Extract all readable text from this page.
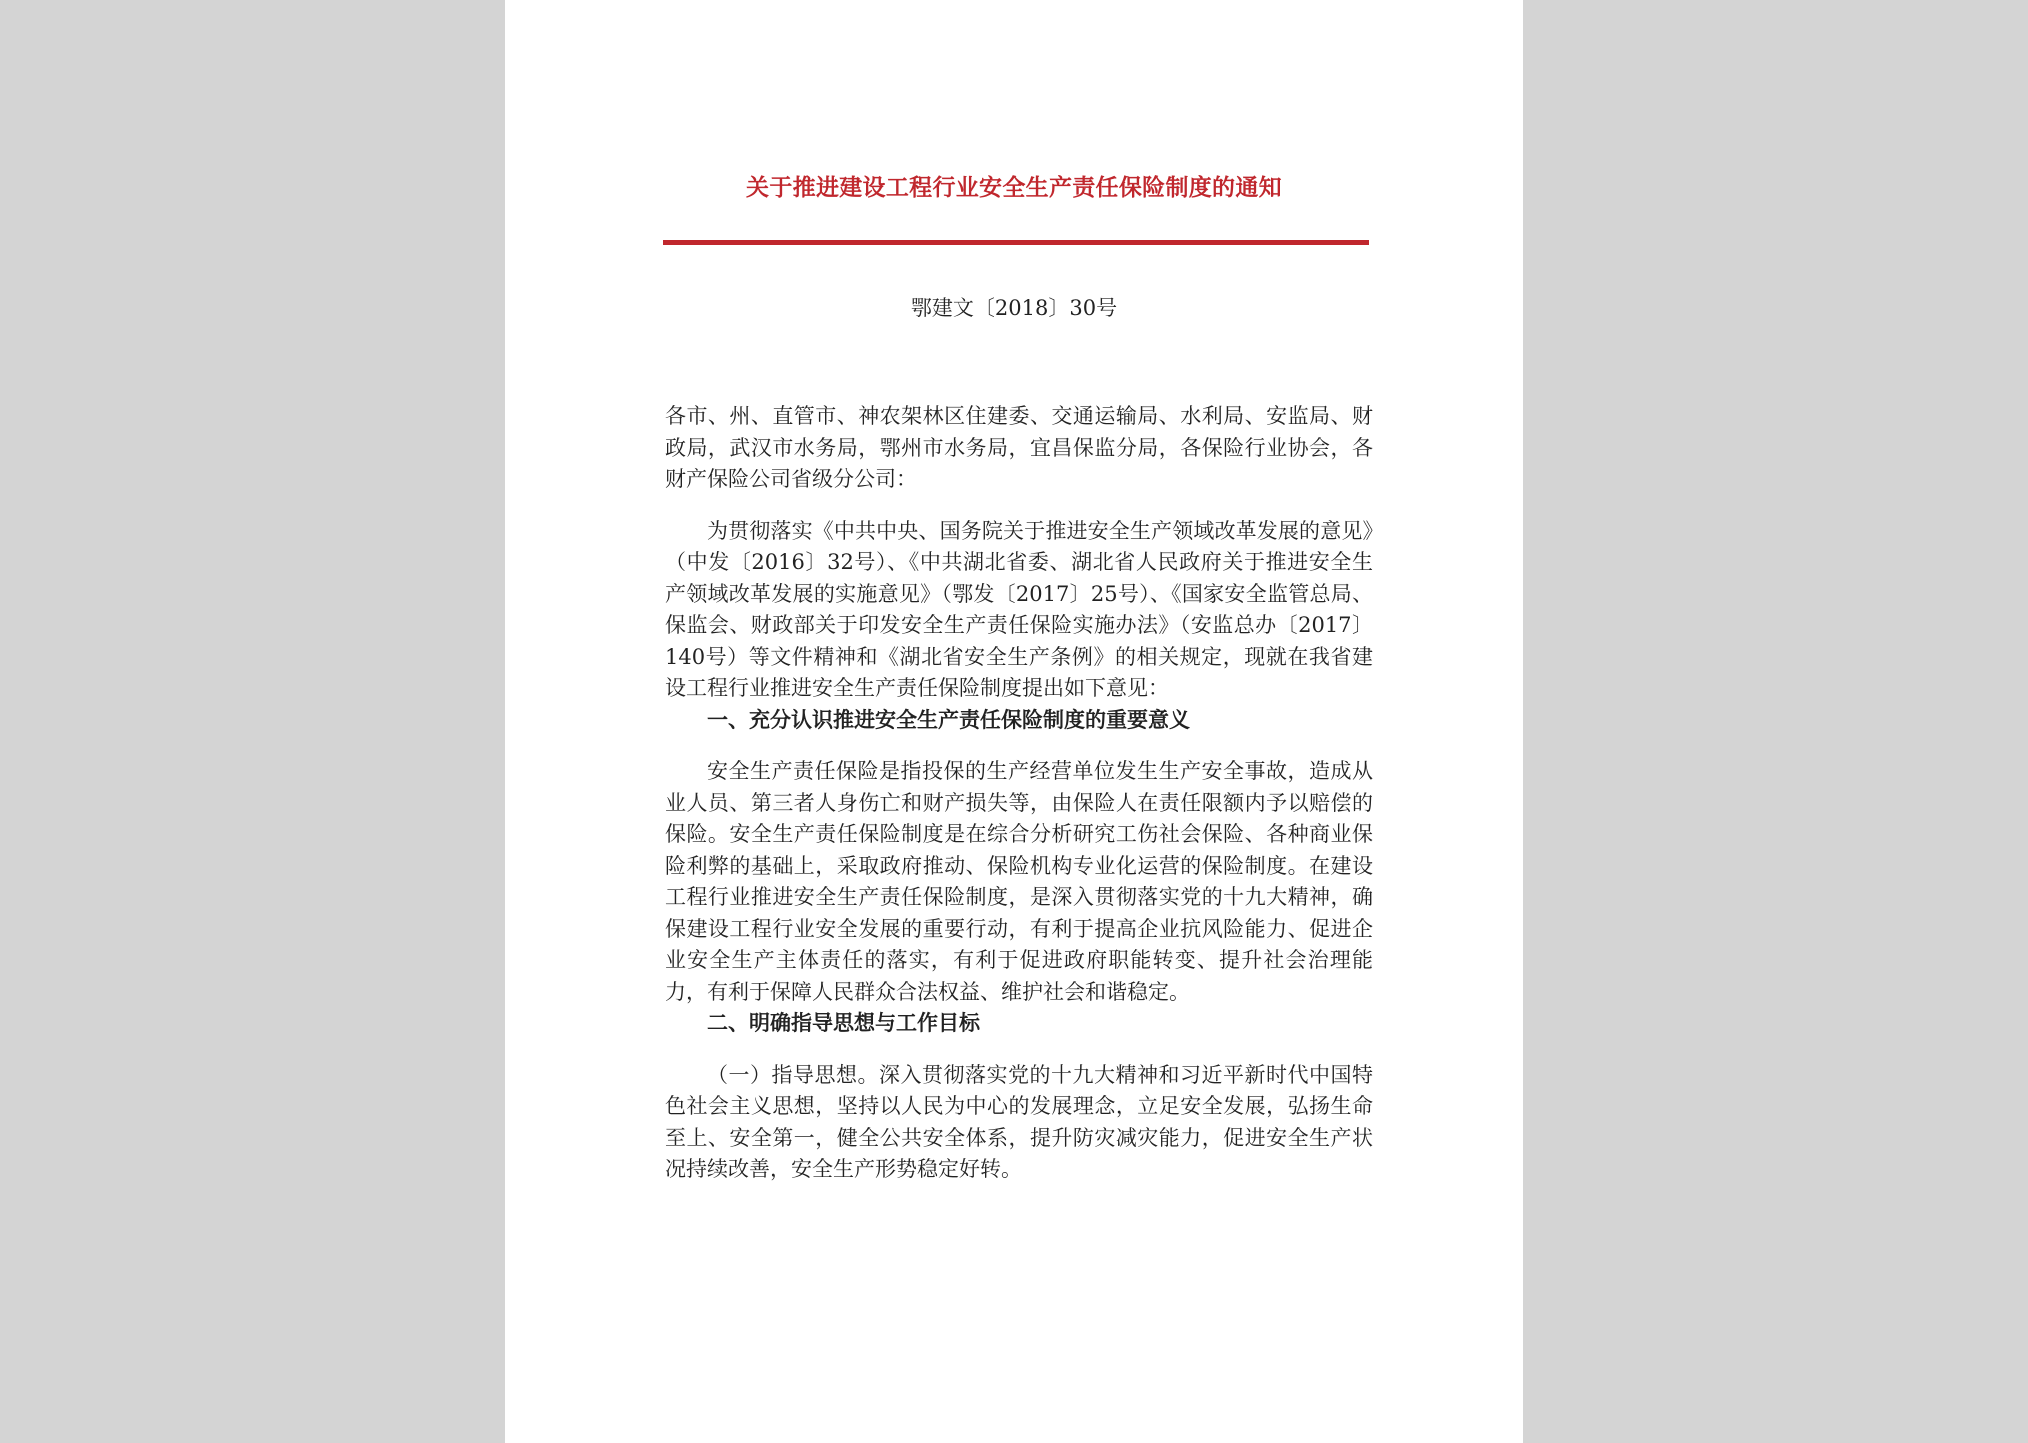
关于推进建设工程行业安全生产责任保险制度的通知
鄂建文〔2018〕30号

各市、州、直管市、神农架林区住建委、交通运输局、水利局、安监局、财政局，武汉市水务局，鄂州市水务局，宜昌保监分局，各保险行业协会，各财产保险公司省级分公司：

为贯彻落实《中共中央、国务院关于推进安全生产领域改革发展的意见》（中发〔2016〕32号）、《中共湖北省委、湖北省人民政府关于推进安全生产领域改革发展的实施意见》（鄂发〔2017〕25号）、《国家安全监管总局、保监会、财政部关于印发安全生产责任保险实施办法》（安监总办〔2017〕140号）等文件精神和《湖北省安全生产条例》的相关规定，现就在我省建设工程行业推进安全生产责任保险制度提出如下意见：

一、充分认识推进安全生产责任保险制度的重要意义

安全生产责任保险是指投保的生产经营单位发生生产安全事故，造成从业人员、第三者人身伤亡和财产损失等，由保险人在责任限额内予以赔偿的保险。安全生产责任保险制度是在综合分析研究工伤社会保险、各种商业保险利弊的基础上，采取政府推动、保险机构专业化运营的保险制度。在建设工程行业推进安全生产责任保险制度，是深入贯彻落实党的十九大精神，确保建设工程行业安全发展的重要行动，有利于提高企业抗风险能力、促进企业安全生产主体责任的落实，有利于促进政府职能转变、提升社会治理能力，有利于保障人民群众合法权益、维护社会和谐稳定。

二、明确指导思想与工作目标

（一）指导思想。深入贯彻落实党的十九大精神和习近平新时代中国特色社会主义思想，坚持以人民为中心的发展理念，立足安全发展，弘扬生命至上、安全第一，健全公共安全体系，提升防灾减灾能力，促进安全生产状况持续改善，安全生产形势稳定好转。
